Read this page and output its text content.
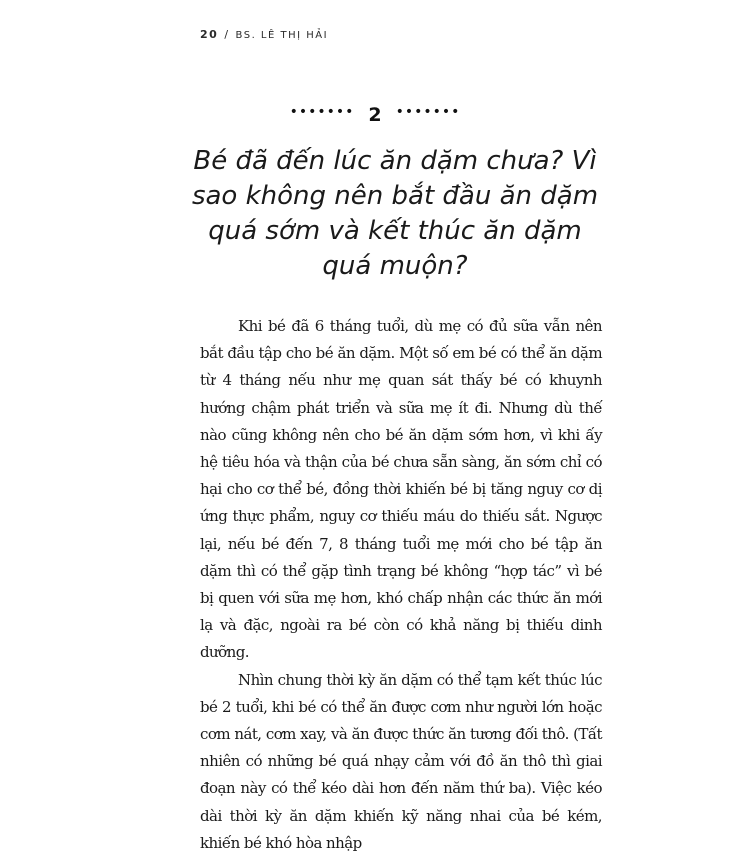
20 / BS. LÊ THỊ HẢI
••••••• 2 •••••••
Bé đã đến lúc ăn dặm chưa? Vì sao không nên bắt đầu ăn dặm quá sớm và kết thúc ăn dặm quá muộn?

Khi bé đã 6 tháng tuổi, dù mẹ có đủ sữa vẫn nên bắt đầu tập cho bé ăn dặm. Một số em bé có thể ăn dặm từ 4 tháng nếu như mẹ quan sát thấy bé có khuynh hướng chậm phát triển và sữa mẹ ít đi. Nhưng dù thế nào cũng không nên cho bé ăn dặm sớm hơn, vì khi ấy hệ tiêu hóa và thận của bé chưa sẵn sàng, ăn sớm chỉ có hại cho cơ thể bé, đồng thời khiến bé bị tăng nguy cơ dị ứng thực phẩm, nguy cơ thiếu máu do thiếu sắt. Ngược lại, nếu bé đến 7, 8 tháng tuổi mẹ mới cho bé tập ăn dặm thì có thể gặp tình trạng bé không “hợp tác” vì bé bị quen với sữa mẹ hơn, khó chấp nhận các thức ăn mới lạ và đặc, ngoài ra bé còn có khả năng bị thiếu dinh dưỡng.

Nhìn chung thời kỳ ăn dặm có thể tạm kết thúc lúc bé 2 tuổi, khi bé có thể ăn được cơm như người lớn hoặc cơm nát, cơm xay, và ăn được thức ăn tương đối thô. (Tất nhiên có những bé quá nhạy cảm với đồ ăn thô thì giai đoạn này có thể kéo dài hơn đến năm thứ ba). Việc kéo dài thời kỳ ăn dặm khiến kỹ năng nhai của bé kém, khiến bé khó hòa nhập
